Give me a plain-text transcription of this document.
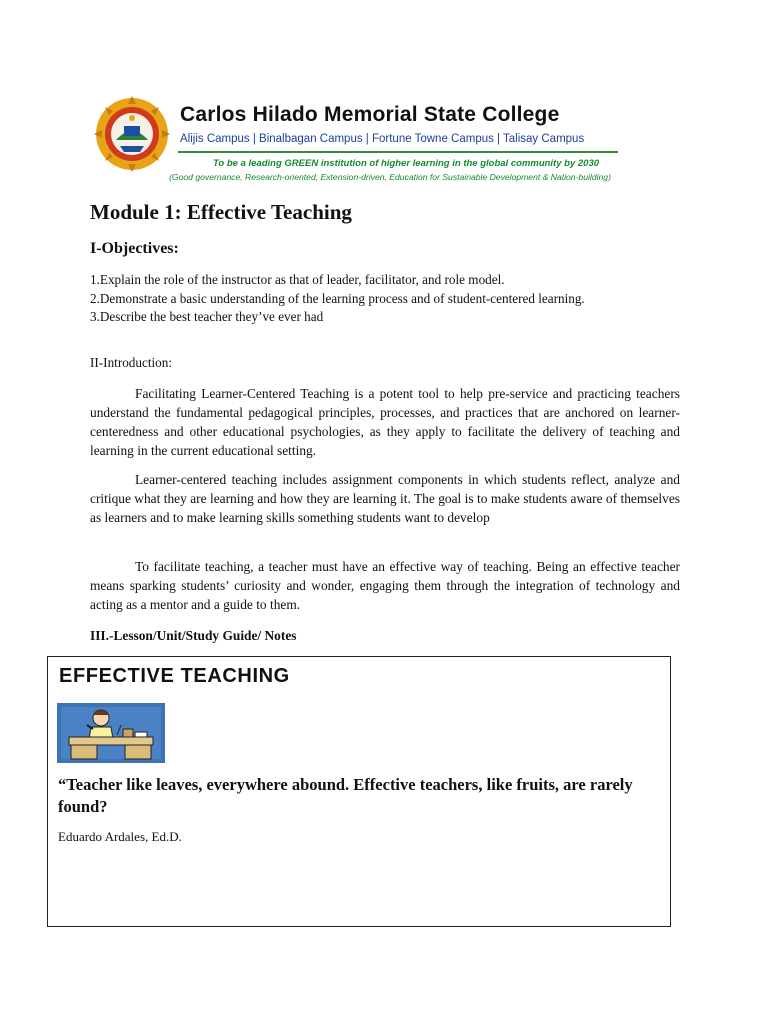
Carlos Hilado Memorial State College
Alijis Campus | Binalbagan Campus | Fortune Towne Campus | Talisay Campus
To be a leading GREEN institution of higher learning in the global community by 2030
(Good governance, Research-oriented, Extension-driven, Education for Sustainable Development & Nation-building)
Module 1: Effective Teaching
I-Objectives:
1.Explain the role of the instructor as that of leader, facilitator, and role model.
2.Demonstrate a basic understanding of the learning process and of student-centered learning.
3.Describe the best teacher they’ve ever had
II-Introduction:
Facilitating Learner-Centered Teaching is a potent tool to help pre-service and practicing teachers understand the fundamental pedagogical principles, processes, and practices that are anchored on learner-centeredness and other educational psychologies, as they apply to facilitate the delivery of teaching and learning in the current educational setting.
Learner-centered teaching includes assignment components in which students reflect, analyze and critique what they are learning and how they are learning it. The goal is to make students aware of themselves as learners and to make learning skills something students want to develop
To facilitate teaching, a teacher must have an effective way of teaching. Being an effective teacher means sparking students’ curiosity and wonder, engaging them through the integration of technology and acting as a mentor and a guide to them.
III.-Lesson/Unit/Study Guide/ Notes
EFFECTIVE TEACHING
“Teacher like leaves, everywhere abound. Effective teachers, like fruits, are rarely found?
Eduardo Ardales, Ed.D.
